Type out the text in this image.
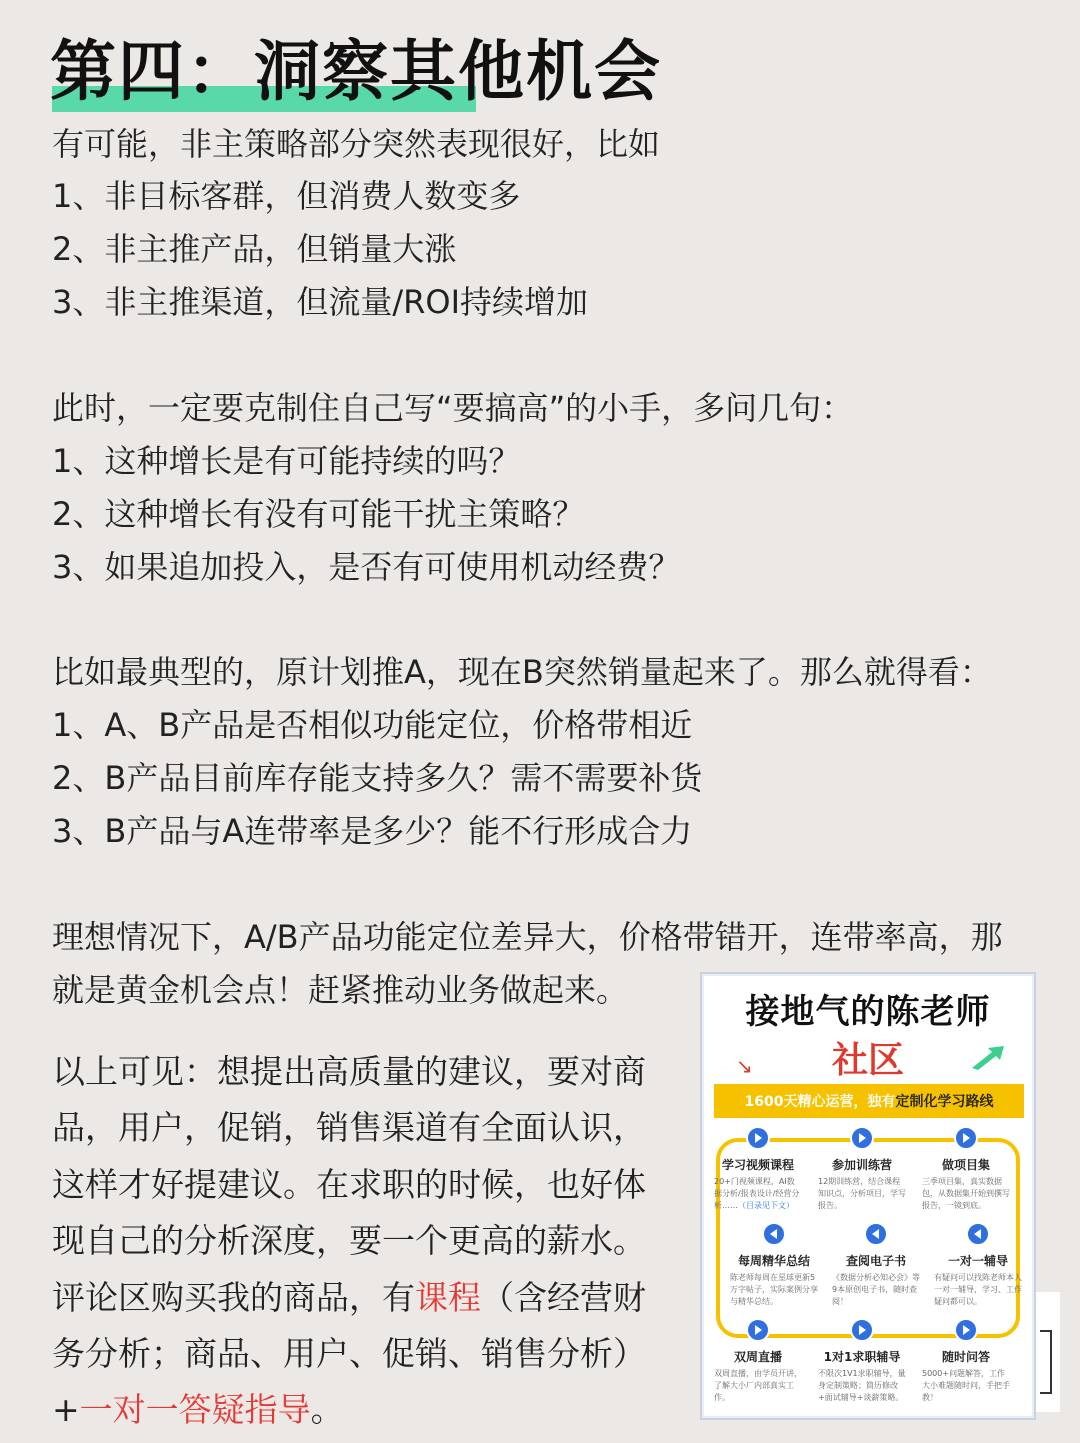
第四：洞察其他机会
有可能，非主策略部分突然表现很好，比如
1、非目标客群，但消费人数变多
2、非主推产品，但销量大涨
3、非主推渠道，但流量/ROI持续增加
此时，一定要克制住自己写“要搞高”的小手，多问几句：
1、这种增长是有可能持续的吗？
2、这种增长有没有可能干扰主策略？
3、如果追加投入，是否有可使用机动经费？
比如最典型的，原计划推A，现在B突然销量起来了。那么就得看：
1、A、B产品是否相似功能定位，价格带相近
2、B产品目前库存能支持多久？需不需要补货
3、B产品与A连带率是多少？能不行形成合力
理想情况下，A/B产品功能定位差异大，价格带错开，连带率高，那
就是黄金机会点！赶紧推动业务做起来。
以上可见：想提出高质量的建议，要对商
品，用户，促销，销售渠道有全面认识，
这样才好提建议。在求职的时候，也好体
现自己的分析深度，要一个更高的薪水。
评论区购买我的商品，有课程（含经营财
务分析；商品、用户、促销、销售分析）
+一对一答疑指导。
接地气的陈老师
↘	社区
1600天精心运营，独有 定制化学习路线
学习视频课程
20+门视频课程，AI数据分析/报表设计/经营分析……（目录见下文）
参加训练营
12期训练营，结合课程知识点，分析项目，学写报告。
做项目集
三季项目集，真实数据包，从数据集开始到撰写报告，一镜到底。
每周精华总结
陈老师每周在星球更新5万字帖子，实际案例分享与精华总结。
查阅电子书
《数据分析必知必会》等9本原创电子书，随时查阅！
一对一辅导
有疑问可以找陈老师本人一对一辅导，学习、工作疑问都可以。
双周直播
双周直播，由学员开讲，了解大小厂内部真实工作。
1对1求职辅导
不限次1V1求职辅导，量身定制策略；简历修改+面试辅导+谈薪策略。
随时问答
5000+问题解答，工作大小难题随时问，手把手教！
